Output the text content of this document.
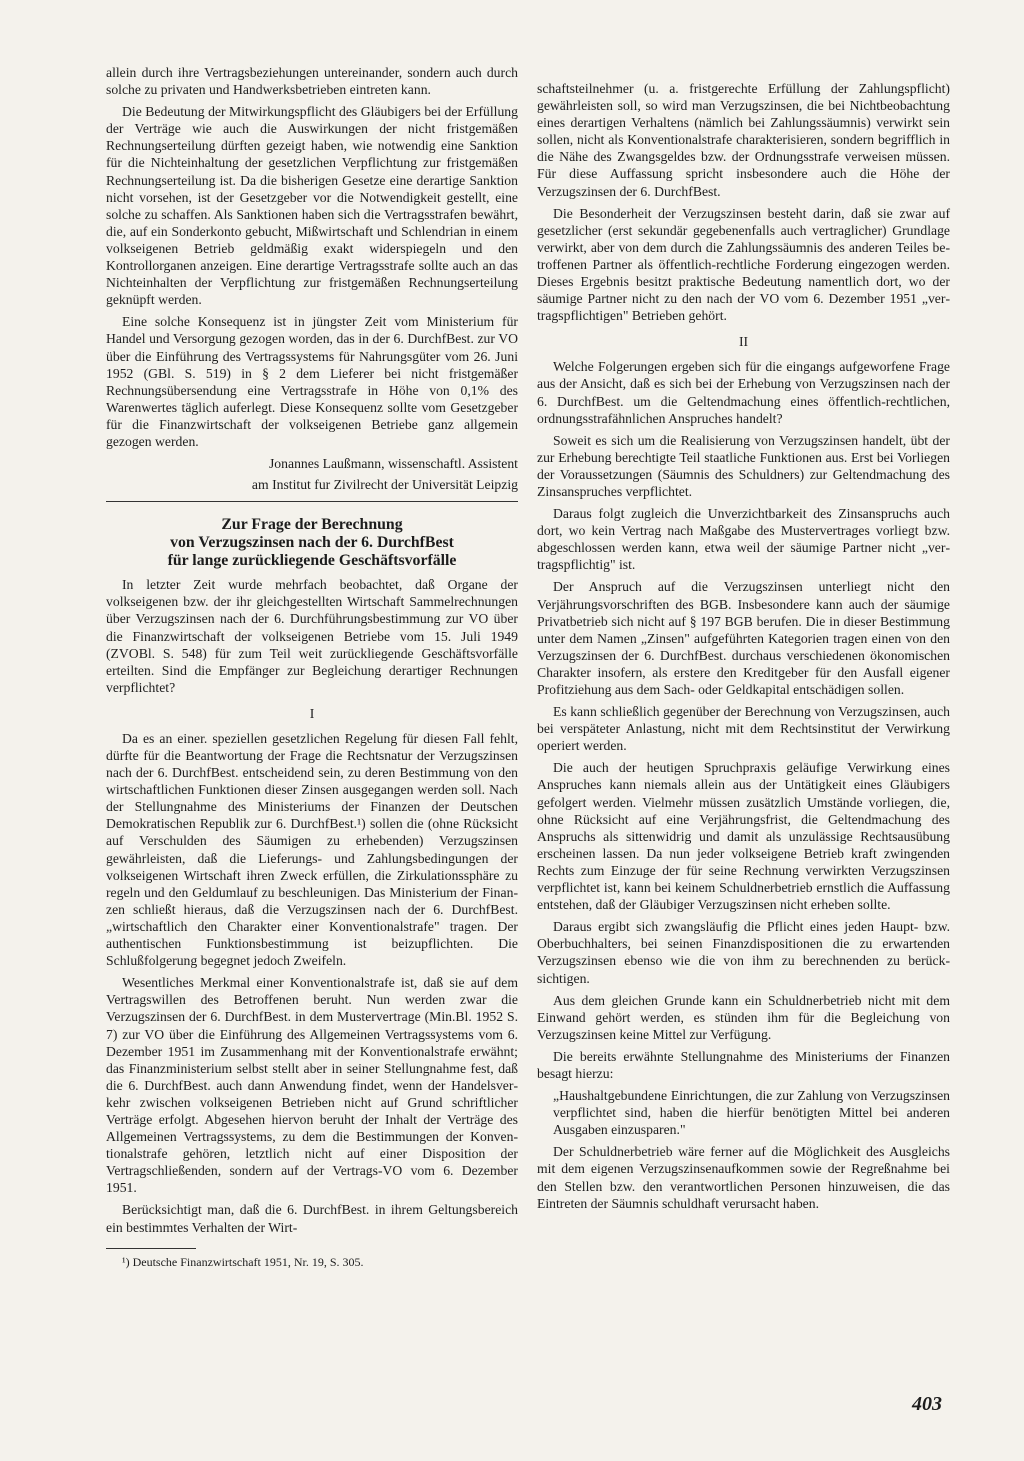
allein durch ihre Vertragsbeziehungen untereinander, sondern auch durch solche zu privaten und Handwerksbetrieben eintreten kann.

Die Bedeutung der Mitwirkungspflicht des Gläubigers bei der Erfüllung der Verträge wie auch die Auswirkungen der nicht fristgemäßen Rechnungserteilung dürften gezeigt haben, wie notwendig eine Sanktion für die Nichteinhaltung der gesetzlichen Verpflichtung zur fristgemäßen Rechnungserteilung ist. Da die bisherigen Gesetze eine derartige Sanktion nicht vorsehen, ist der Gesetzgeber vor die Notwendigkeit gestellt, eine solche zu schaffen. Als Sanktionen haben sich die Vertragsstrafen bewährt, die, auf ein Sonderkonto gebucht, Mißwirtschaft und Schlendrian in einem volkseigenen Betrieb geldmäßig exakt widerspiegeln und den Kontrollorganen anzeigen. Eine derartige Vertragsstrafe sollte auch an das Nichteinhalten der Verpflichtung zur fristgemäßen Rechnungserteilung geknüpft werden.

Eine solche Konsequenz ist in jüngster Zeit vom Ministerium für Handel und Versorgung gezogen worden, das in der 6. DurchfBest. zur VO über die Einführung des Vertragssystems für Nahrungsgüter vom 26. Juni 1952 (GBl. S. 519) in § 2 dem Lieferer bei nicht fristgemäßer Rechnungsübersendung eine Vertragsstrafe in Höhe von 0,1% des Warenwertes täglich auferlegt. Diese Konsequenz sollte vom Gesetzgeber für die Finanzwirtschaft der volkseigenen Betriebe ganz allgemein gezogen werden.

Jonannes Laußmann, wissenschaftl. Assistent

am Institut fur Zivilrecht der Universität Leipzig

Zur Frage der Berechnung
von Verzugszinsen nach der 6. DurchfBest
für lange zurückliegende Geschäftsvorfälle

In letzter Zeit wurde mehrfach beobachtet, daß Organe der volkseigenen bzw. der ihr gleichgestellten Wirtschaft Sammelrechnungen über Verzugszinsen nach der 6. Durchführungsbestimmung zur VO über die Finanzwirtschaft der volkseigenen Betriebe vom 15. Juli 1949 (ZVOBl. S. 548) für zum Teil weit zurückliegende Geschäftsvorfälle erteilten. Sind die Empfänger zur Begleichung derartiger Rechnungen verpflichtet?

I

Da es an einer. speziellen gesetzlichen Regelung für diesen Fall fehlt, dürfte für die Beantwortung der Frage die Rechtsnatur der Verzugszinsen nach der 6. DurchfBest. entscheidend sein, zu deren Bestimmung von den wirtschaftlichen Funktionen dieser Zinsen ausgegangen werden soll. Nach der Stellungnahme des Ministeriums der Finanzen der Deutschen Demokratischen Republik zur 6. DurchfBest.¹) sollen die (ohne Rücksicht auf Verschulden des Säumigen zu erhebenden) Verzugszinsen gewährleisten, daß die Lieferungs- und Zahlungsbedingungen der volkseigenen Wirtschaft ihren Zweck erfüllen, die Zirkulationssphäre zu regeln und den Geldumlauf zu beschleunigen. Das Ministerium der Finanzen schließt hieraus, daß die Verzugszinsen nach der 6. DurchfBest. „wirtschaftlich den Charakter einer Konventionalstrafe" tragen. Der authentischen Funktionsbestimmung ist beizupflichten. Die Schlußfolgerung begegnet jedoch Zweifeln.

Wesentliches Merkmal einer Konventionalstrafe ist, daß sie auf dem Vertragswillen des Betroffenen beruht. Nun werden zwar die Verzugszinsen der 6. DurchfBest. in dem Mustervertrage (Min.Bl. 1952 S. 7) zur VO über die Einführung des Allgemeinen Vertragssystems vom 6. Dezember 1951 im Zusammenhang mit der Konventionalstrafe erwähnt; das Finanzministerium selbst stellt aber in seiner Stellungnahme fest, daß die 6. DurchfBest. auch dann Anwendung findet, wenn der Handelsverkehr zwischen volkseigenen Betrieben nicht auf Grund schriftlicher Verträge erfolgt. Abgesehen hiervon beruht der Inhalt der Verträge des Allgemeinen Vertragssystems, zu dem die Bestimmungen der Konventionalstrafe gehören, letztlich nicht auf einer Disposition der Vertragschließenden, sondern auf der Vertrags-VO vom 6. Dezember 1951.

Berücksichtigt man, daß die 6. DurchfBest. in ihrem Geltungsbereich ein bestimmtes Verhalten der Wirt-

¹) Deutsche Finanzwirtschaft 1951, Nr. 19, S. 305.

schaftsteilnehmer (u. a. fristgerechte Erfüllung der Zahlungspflicht) gewährleisten soll, so wird man Verzugszinsen, die bei Nichtbeobachtung eines derartigen Verhaltens (nämlich bei Zahlungssäumnis) verwirkt sein sollen, nicht als Konventionalstrafe charakterisieren, sondern begrifflich in die Nähe des Zwangsgeldes bzw. der Ordnungsstrafe verweisen müssen. Für diese Auffassung spricht insbesondere auch die Höhe der Verzugszinsen der 6. DurchfBest.

Die Besonderheit der Verzugszinsen besteht darin, daß sie zwar auf gesetzlicher (erst sekundär gegebenenfalls auch vertraglicher) Grundlage verwirkt, aber von dem durch die Zahlungssäumnis des anderen Teiles betroffenen Partner als öffentlich-rechtliche Forderung eingezogen werden. Dieses Ergebnis besitzt praktische Bedeutung namentlich dort, wo der säumige Partner nicht zu den nach der VO vom 6. Dezember 1951 „vertragspflichtigen" Betrieben gehört.

II

Welche Folgerungen ergeben sich für die eingangs aufgeworfene Frage aus der Ansicht, daß es sich bei der Erhebung von Verzugszinsen nach der 6. DurchfBest. um die Geltendmachung eines öffentlich-rechtlichen, ordnungsstrafähnlichen Anspruches handelt?

Soweit es sich um die Realisierung von Verzugszinsen handelt, übt der zur Erhebung berechtigte Teil staatliche Funktionen aus. Erst bei Vorliegen der Voraussetzungen (Säumnis des Schuldners) zur Geltendmachung des Zinsanspruches verpflichtet.

Daraus folgt zugleich die Unverzichtbarkeit des Zinsanspruchs auch dort, wo kein Vertrag nach Maßgabe des Mustervertrages vorliegt bzw. abgeschlossen werden kann, etwa weil der säumige Partner nicht „vertragspflichtig" ist.

Der Anspruch auf die Verzugszinsen unterliegt nicht den Verjährungsvorschriften des BGB. Insbesondere kann auch der säumige Privatbetrieb sich nicht auf § 197 BGB berufen. Die in dieser Bestimmung unter dem Namen „Zinsen" aufgeführten Kategorien tragen einen von den Verzugszinsen der 6. DurchfBest. durchaus verschiedenen ökonomischen Charakter insofern, als erstere den Kreditgeber für den Ausfall eigener Profitziehung aus dem Sach- oder Geldkapital entschädigen sollen.

Es kann schließlich gegenüber der Berechnung von Verzugszinsen, auch bei verspäteter Anlastung, nicht mit dem Rechtsinstitut der Verwirkung operiert werden.

Die auch der heutigen Spruchpraxis geläufige Verwirkung eines Anspruches kann niemals allein aus der Untätigkeit eines Gläubigers gefolgert werden. Vielmehr müssen zusätzlich Umstände vorliegen, die, ohne Rücksicht auf eine Verjährungsfrist, die Geltendmachung des Anspruchs als sittenwidrig und damit als unzulässige Rechtsausübung erscheinen lassen. Da nun jeder volkseigene Betrieb kraft zwingenden Rechts zum Einzuge der für seine Rechnung verwirkten Verzugszinsen verpflichtet ist, kann bei keinem Schuldnerbetrieb ernstlich die Auffassung entstehen, daß der Gläubiger Verzugszinsen nicht erheben sollte.

Daraus ergibt sich zwangsläufig die Pflicht eines jeden Haupt- bzw. Oberbuchhalters, bei seinen Finanzdispositionen die zu erwartenden Verzugszinsen ebenso wie die von ihm zu berechnenden zu berücksichtigen.

Aus dem gleichen Grunde kann ein Schuldnerbetrieb nicht mit dem Einwand gehört werden, es stünden ihm für die Begleichung von Verzugszinsen keine Mittel zur Verfügung.

Die bereits erwähnte Stellungnahme des Ministeriums der Finanzen besagt hierzu:

„Haushaltgebundene Einrichtungen, die zur Zahlung von Verzugszinsen verpflichtet sind, haben die hierfür benötigten Mittel bei anderen Ausgaben einzusparen."

Der Schuldnerbetrieb wäre ferner auf die Möglichkeit des Ausgleichs mit dem eigenen Verzugszinsenaufkommen sowie der Regreßnahme bei den Stellen bzw. den verantwortlichen Personen hinzuweisen, die das Eintreten der Säumnis schuldhaft verursacht haben.

403
